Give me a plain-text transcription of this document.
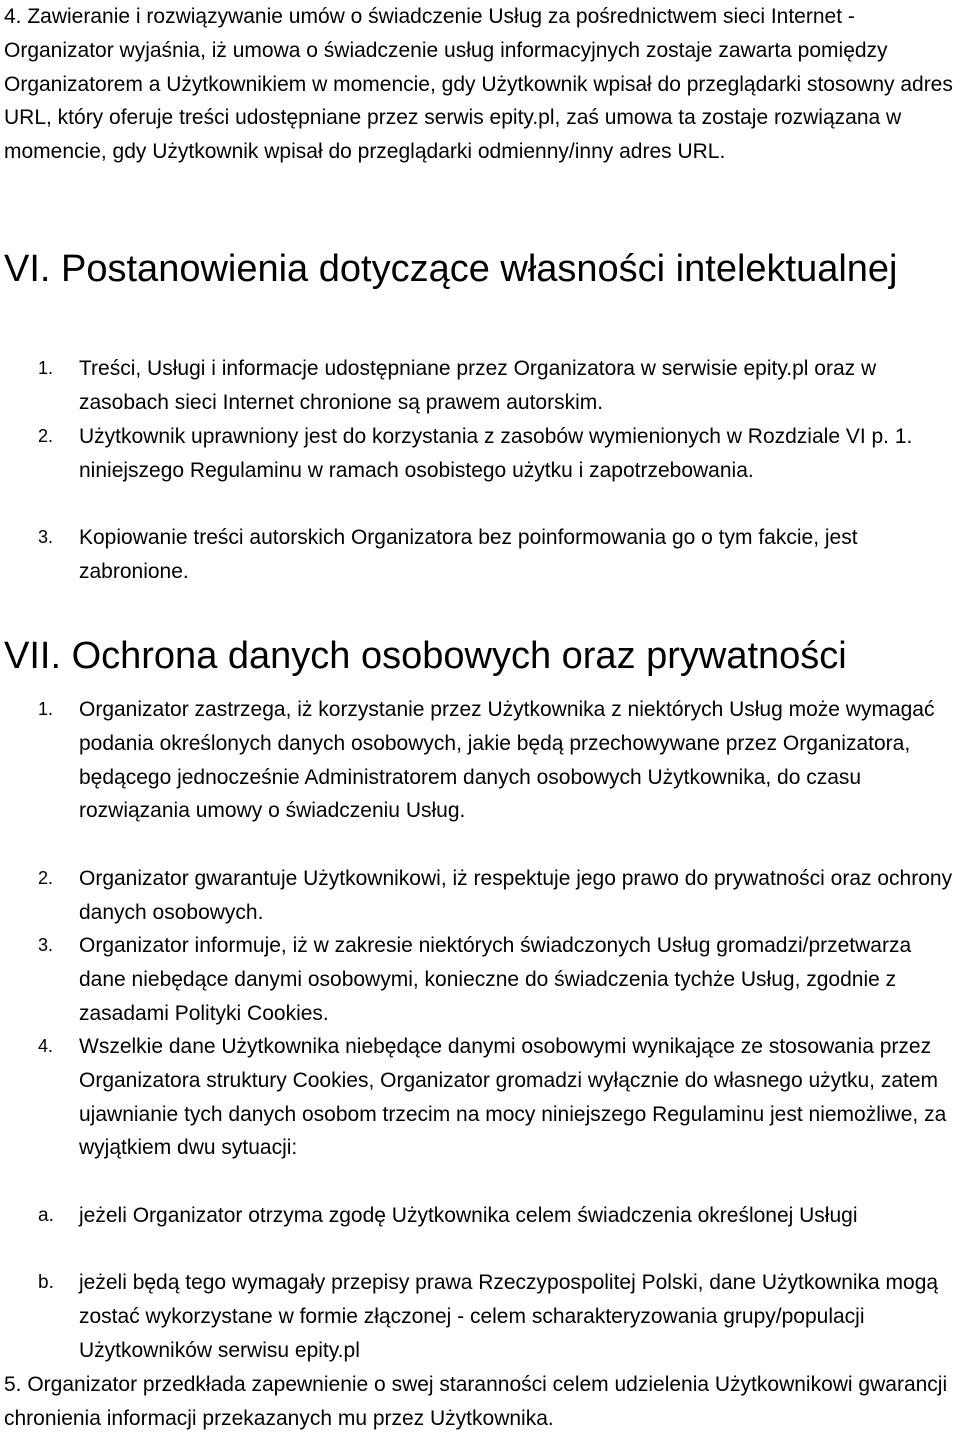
4. Zawieranie i rozwiązywanie umów o świadczenie Usług za pośrednictwem sieci Internet - Organizator wyjaśnia, iż umowa o świadczenie usług informacyjnych zostaje zawarta pomiędzy Organizatorem a Użytkownikiem w momencie, gdy Użytkownik wpisał do przeglądarki stosowny adres URL, który oferuje treści udostępniane przez serwis epity.pl, zaś umowa ta zostaje rozwiązana w momencie, gdy Użytkownik wpisał do przeglądarki odmienny/inny adres URL.

VI. Postanowienia dotyczące własności intelektualnej
1. Treści, Usługi i informacje udostępniane przez Organizatora w serwisie epity.pl oraz w zasobach sieci Internet chronione są prawem autorskim.
2. Użytkownik uprawniony jest do korzystania z zasobów wymienionych w Rozdziale VI p. 1. niniejszego Regulaminu w ramach osobistego użytku i zapotrzebowania.
3. Kopiowanie treści autorskich Organizatora bez poinformowania go o tym fakcie, jest zabronione.
VII. Ochrona danych osobowych oraz prywatności
1. Organizator zastrzega, iż korzystanie przez Użytkownika z niektórych Usług może wymagać podania określonych danych osobowych, jakie będą przechowywane przez Organizatora, będącego jednocześnie Administratorem danych osobowych Użytkownika, do czasu rozwiązania umowy o świadczeniu Usług.
2. Organizator gwarantuje Użytkownikowi, iż respektuje jego prawo do prywatności oraz ochrony danych osobowych.
3. Organizator informuje, iż w zakresie niektórych świadczonych Usług gromadzi/przetwarza dane niebędące danymi osobowymi, konieczne do świadczenia tychże Usług, zgodnie z zasadami Polityki Cookies.
4. Wszelkie dane Użytkownika niebędące danymi osobowymi wynikające ze stosowania przez Organizatora struktury Cookies, Organizator gromadzi wyłącznie do własnego użytku, zatem ujawnianie tych danych osobom trzecim na mocy niniejszego Regulaminu jest niemożliwe, za wyjątkiem dwu sytuacji:
a. jeżeli Organizator otrzyma zgodę Użytkownika celem świadczenia określonej Usługi
b. jeżeli będą tego wymagały przepisy prawa Rzeczypospolitej Polski, dane Użytkownika mogą zostać wykorzystane w formie złączonej - celem scharakteryzowania grupy/populacji Użytkowników serwisu epity.pl

5. Organizator przedkłada zapewnienie o swej staranności celem udzielenia Użytkownikowi gwarancji chronienia informacji przekazanych mu przez Użytkownika.
